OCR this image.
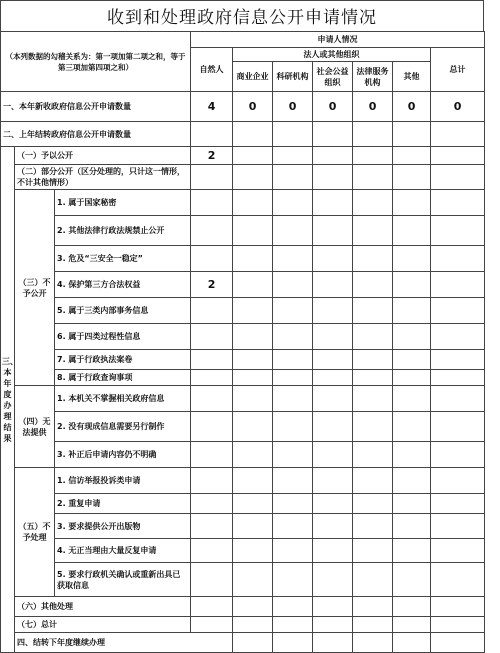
收到和处理政府信息公开申请情况
（本列数据的勾稽关系为：第一项加第二项之和，等于第三项加第四项之和）			申请人情况							
			自然人	法人或其他组织					总计	
				商业企业	科研机构	社会公益组织	法律服务机构	其他		
一、本年新收政府信息公开申请数量			4	0	0	0	0	0	0	
二、上年结转政府信息公开申请数量										
三、本年度办理结果	（一）予以公开		2							
	（二）部分公开（区分处理的，只计这一情形，不计其他情形）									
	（三）不予公开	1. 属于国家秘密								
		2. 其他法律行政法规禁止公开								
		3. 危及“三安全一稳定”								
		4. 保护第三方合法权益	2							
		5. 属于三类内部事务信息								
		6. 属于四类过程性信息								
		7. 属于行政执法案卷								
		8. 属于行政查询事项								
	（四）无法提供	1. 本机关不掌握相关政府信息								
		2. 没有现成信息需要另行制作								
		3. 补正后申请内容仍不明确								
	（五）不予处理	1. 信访举报投诉类申请								
		2. 重复申请								
		3. 要求提供公开出版物								
		4. 无正当理由大量反复申请								
		5. 要求行政机关确认或重新出具已获取信息								
	（六）其他处理									
	（七）总计									
	四、结转下年度继续办理									
